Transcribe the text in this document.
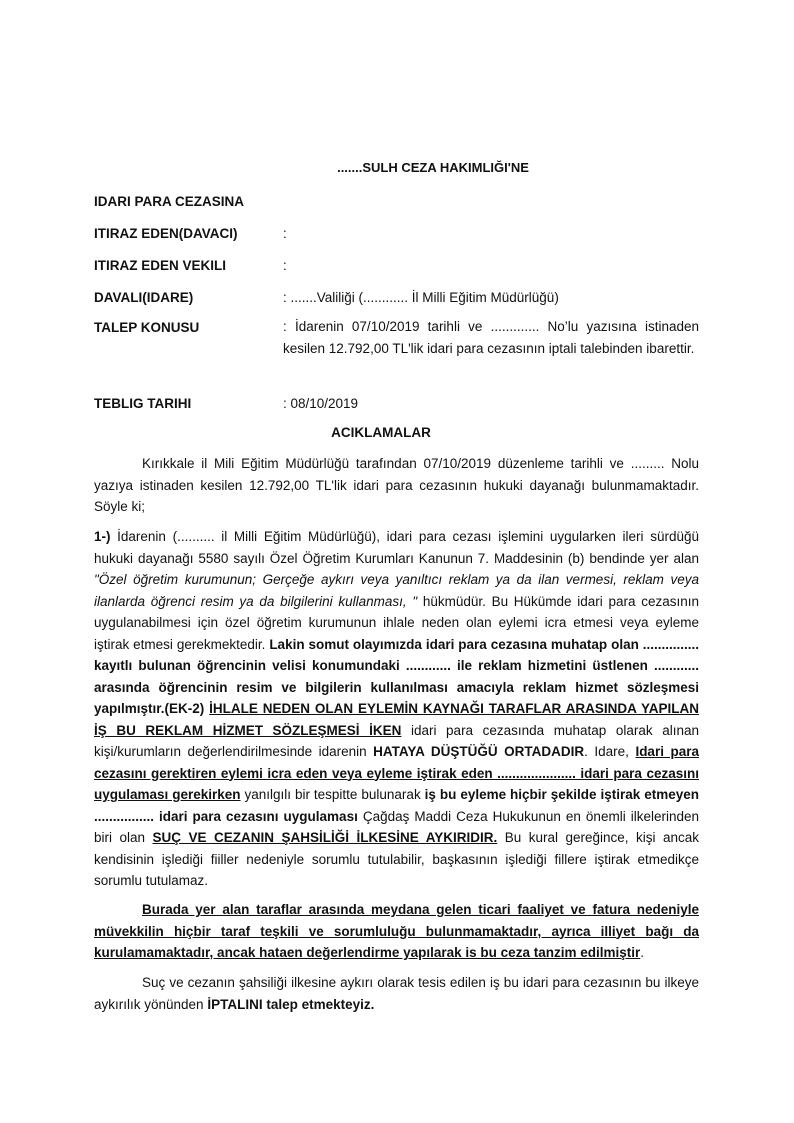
.......SULH CEZA HAKIMLIĞI'NE
IDARI PARA CEZASINA
ITIRAZ EDEN(DAVACI)	:
ITIRAZ EDEN VEKILI	:
DAVALI(IDARE)	: .......Valiliği (............ İl Milli Eğitim Müdürlüğü)
TALEP KONUSU	: İdarenin 07/10/2019 tarihli ve ............. No’lu yazısına istinaden kesilen 12.792,00 TL'lik idari para cezasının iptali talebinden ibarettir.
TEBLIG TARIHI	: 08/10/2019
ACIKLAMALAR

Kırıkkale il Mili Eğitim Müdürlüğü tarafından 07/10/2019 düzenleme tarihli ve ......... Nolu yazıya istinaden kesilen 12.792,00 TL'lik idari para cezasının hukuki dayanağı bulunmamaktadır. Söyle ki;

1-) İdarenin (.......... il Milli Eğitim Müdürlüğü), idari para cezası işlemini uygularken ileri sürdüğü hukuki dayanağı 5580 sayılı Özel Öğretim Kurumları Kanunun 7. Maddesinin (b) bendinde yer alan "Özel öğretim kurumunun; Gerçeğe aykırı veya yanıltıcı reklam ya da ilan vermesi, reklam veya ilanlarda öğrenci resim ya da bilgilerini kullanması, " hükmüdür. Bu Hükümde idari para cezasının uygulanabilmesi için özel öğretim kurumunun ihlale neden olan eylemi icra etmesi veya eyleme iştirak etmesi gerekmektedir. Lakin somut olayımızda idari para cezasına muhatap olan ............... kayıtlı bulunan öğrencinin velisi konumundaki ............ ile reklam hizmetini üstlenen ............ arasında öğrencinin resim ve bilgilerin kullanılması amacıyla reklam hizmet sözleşmesi yapılmıştır.(EK-2) İHLALE NEDEN OLAN EYLEMİN KAYNAĞI TARAFLAR ARASINDA YAPILAN İŞ BU REKLAM HİZMET SÖZLEŞMESİ İKEN idari para cezasında muhatap olarak alınan kişi/kurumların değerlendirilmesinde idarenin HATAYA DÜŞTÜĞÜ ORTADADIR. Idare, Idari para cezasını gerektiren eylemi icra eden veya eyleme iştirak eden ..................... idari para cezasını uygulaması gerekirken yanılgılı bir tespitte bulunarak iş bu eyleme hiçbir şekilde iştirak etmeyen ................ idari para cezasını uygulaması Çağdaş Maddi Ceza Hukukunun en önemli ilkelerinden biri olan SUÇ VE CEZANIN ŞAHSİLİĞİ İLKESİNE AYKIRIDIR. Bu kural gereğince, kişi ancak kendisinin işlediği fiiller nedeniyle sorumlu tutulabilir, başkasının işlediği fillere iştirak etmedikçe sorumlu tutulamaz.

Burada yer alan taraflar arasında meydana gelen ticari faaliyet ve fatura nedeniyle müvekkilin hiçbir taraf teşkili ve sorumluluğu bulunmamaktadır, ayrıca illiyet bağı da kurulamamaktadır, ancak hataen değerlendirme yapılarak is bu ceza tanzim edilmiştir.

Suç ve cezanın şahsiliği ilkesine aykırı olarak tesis edilen iş bu idari para cezasının bu ilkeye aykırılık yönünden İPTALINI talep etmekteyiz.
